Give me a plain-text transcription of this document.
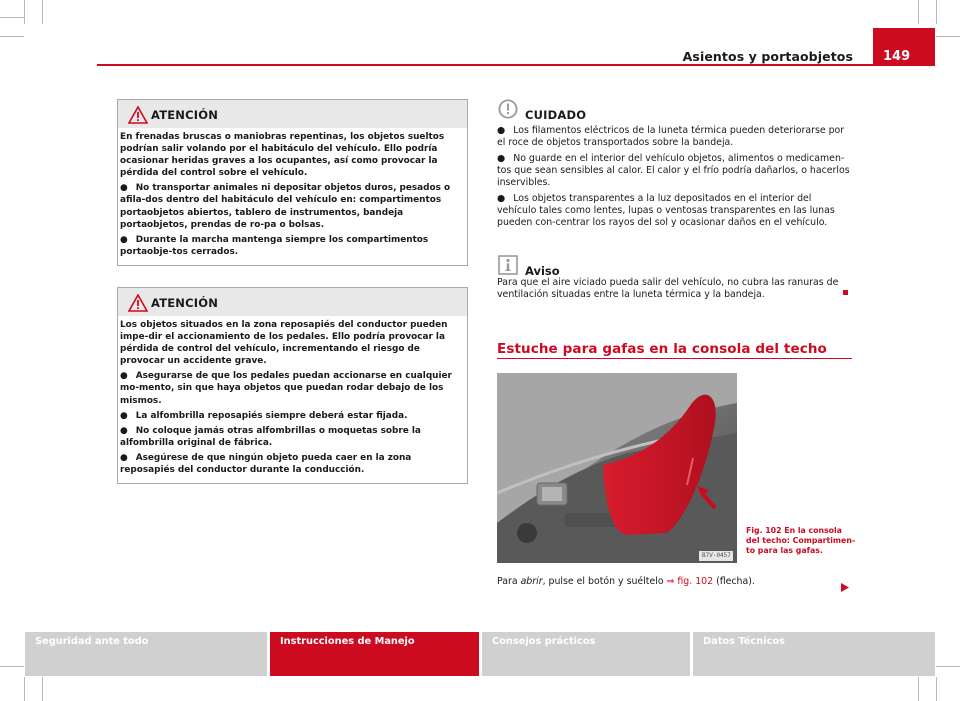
Asientos y portaobjetos	149
ATENCIÓN

En frenadas bruscas o maniobras repentinas, los objetos sueltos podrían salir volando por el habitáculo del vehículo. Ello podría ocasionar heridas graves a los ocupantes, así como provocar la pérdida del control sobre el vehículo.

● No transportar animales ni depositar objetos duros, pesados o afila-dos dentro del habitáculo del vehículo en: compartimentos portaobjetos abiertos, tablero de instrumentos, bandeja portaobjetos, prendas de ro-pa o bolsas.

● Durante la marcha mantenga siempre los compartimentos portaobje-tos cerrados.

ATENCIÓN

Los objetos situados en la zona reposapiés del conductor pueden impe-dir el accionamiento de los pedales. Ello podría provocar la pérdida de control del vehículo, incrementando el riesgo de provocar un accidente grave.

● Asegurarse de que los pedales puedan accionarse en cualquier mo-mento, sin que haya objetos que puedan rodar debajo de los mismos.

● La alfombrilla reposapiés siempre deberá estar fijada.

● No coloque jamás otras alfombrillas o moquetas sobre la alfombrilla original de fábrica.

● Asegúrese de que ningún objeto pueda caer en la zona reposapiés del conductor durante la conducción.

CUIDADO

● Los filamentos eléctricos de la luneta térmica pueden deteriorarse por el roce de objetos transportados sobre la bandeja.

● No guarde en el interior del vehículo objetos, alimentos o medicamen-tos que sean sensibles al calor. El calor y el frío podría dañarlos, o hacerlos inservibles.

● Los objetos transparentes a la luz depositados en el interior del vehículo tales como lentes, lupas o ventosas transparentes en las lunas pueden con-centrar los rayos del sol y ocasionar daños en el vehículo.

Aviso
Para que el aire viciado pueda salir del vehículo, no cubra las ranuras de ventilación situadas entre la luneta térmica y la bandeja.
Estuche para gafas en la consola del techo
B7V-0457
Fig. 102 En la consola del techo: Compartimen-to para las gafas.
Para abrir, pulse el botón y suéltelo ⇒ fig. 102 (flecha).
Seguridad ante todo	Instrucciones de Manejo	Consejos prácticos	Datos Técnicos
